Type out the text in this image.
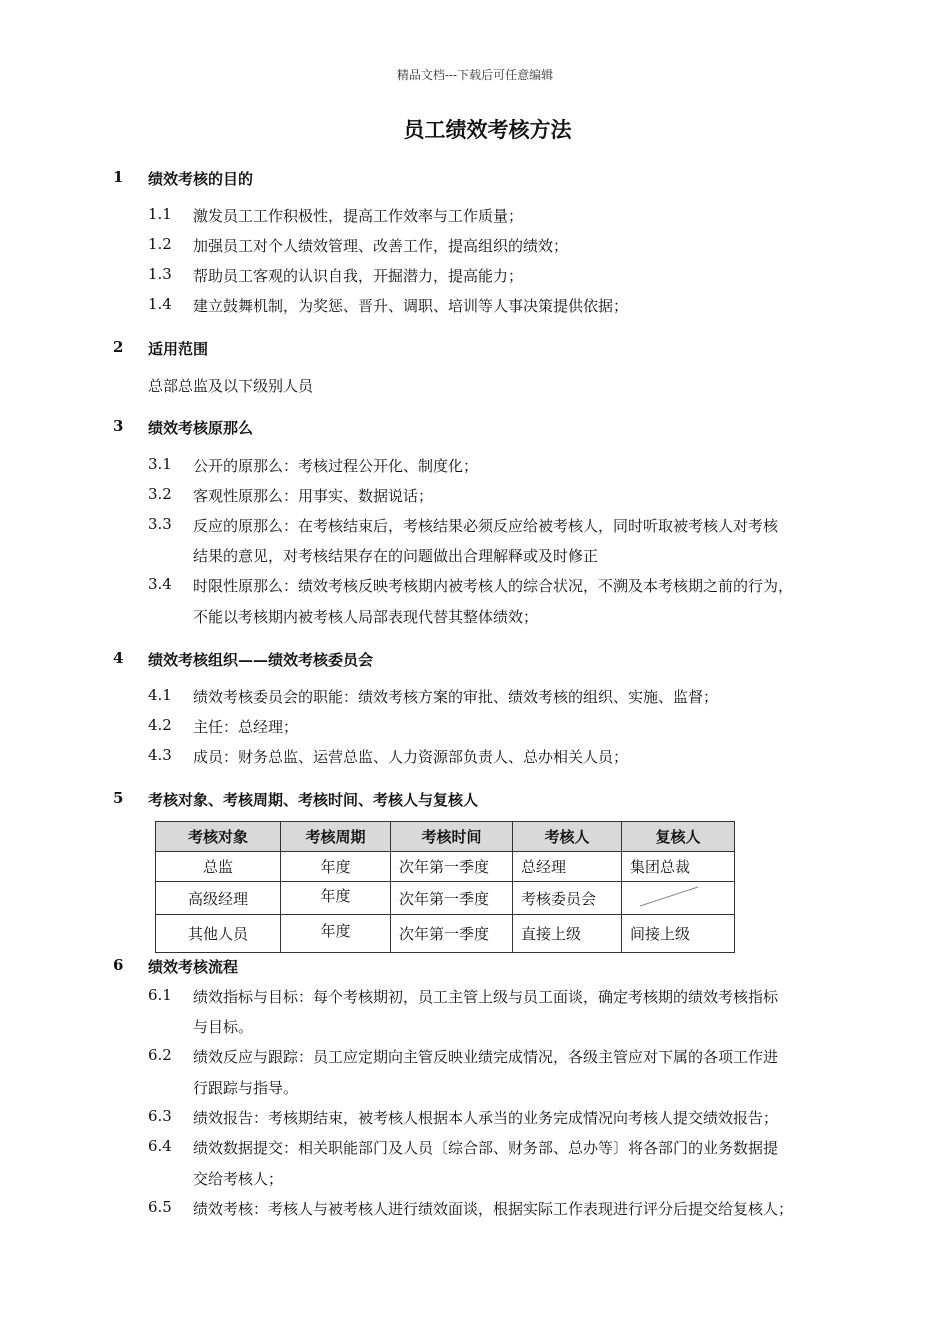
精品文档---下载后可任意编辑
员工绩效考核方法
1 绩效考核的目的
1.1 激发员工工作积极性，提高工作效率与工作质量；
1.2 加强员工对个人绩效管理、改善工作，提高组织的绩效；
1.3 帮助员工客观的认识自我，开掘潜力，提高能力；
1.4 建立鼓舞机制，为奖惩、晋升、调职、培训等人事决策提供依据；
2 适用范围
总部总监及以下级别人员
3 绩效考核原那么
3.1 公开的原那么：考核过程公开化、制度化；
3.2 客观性原那么：用事实、数据说话；
3.3 反应的原那么：在考核结束后，考核结果必须反应给被考核人，同时听取被考核人对考核
结果的意见，对考核结果存在的问题做出合理解释或及时修正
3.4 时限性原那么：绩效考核反映考核期内被考核人的综合状况，不溯及本考核期之前的行为，
不能以考核期内被考核人局部表现代替其整体绩效；
4 绩效考核组织——绩效考核委员会
4.1 绩效考核委员会的职能：绩效考核方案的审批、绩效考核的组织、实施、监督；
4.2 主任：总经理；
4.3 成员：财务总监、运营总监、人力资源部负责人、总办相关人员；
5 考核对象、考核周期、考核时间、考核人与复核人
考核对象	考核周期	考核时间	考核人	复核人
总监	年度	次年第一季度	总经理	集团总裁
高级经理	年度	次年第一季度	考核委员会	

其他人员	年度	次年第一季度	直接上级	间接上级
6 绩效考核流程
6.1 绩效指标与目标：每个考核期初，员工主管上级与员工面谈，确定考核期的绩效考核指标
与目标。
6.2 绩效反应与跟踪：员工应定期向主管反映业绩完成情况，各级主管应对下属的各项工作进
行跟踪与指导。
6.3 绩效报告：考核期结束，被考核人根据本人承当的业务完成情况向考核人提交绩效报告；
6.4 绩效数据提交：相关职能部门及人员〔综合部、财务部、总办等〕将各部门的业务数据提
交给考核人；
6.5 绩效考核：考核人与被考核人进行绩效面谈，根据实际工作表现进行评分后提交给复核人；
